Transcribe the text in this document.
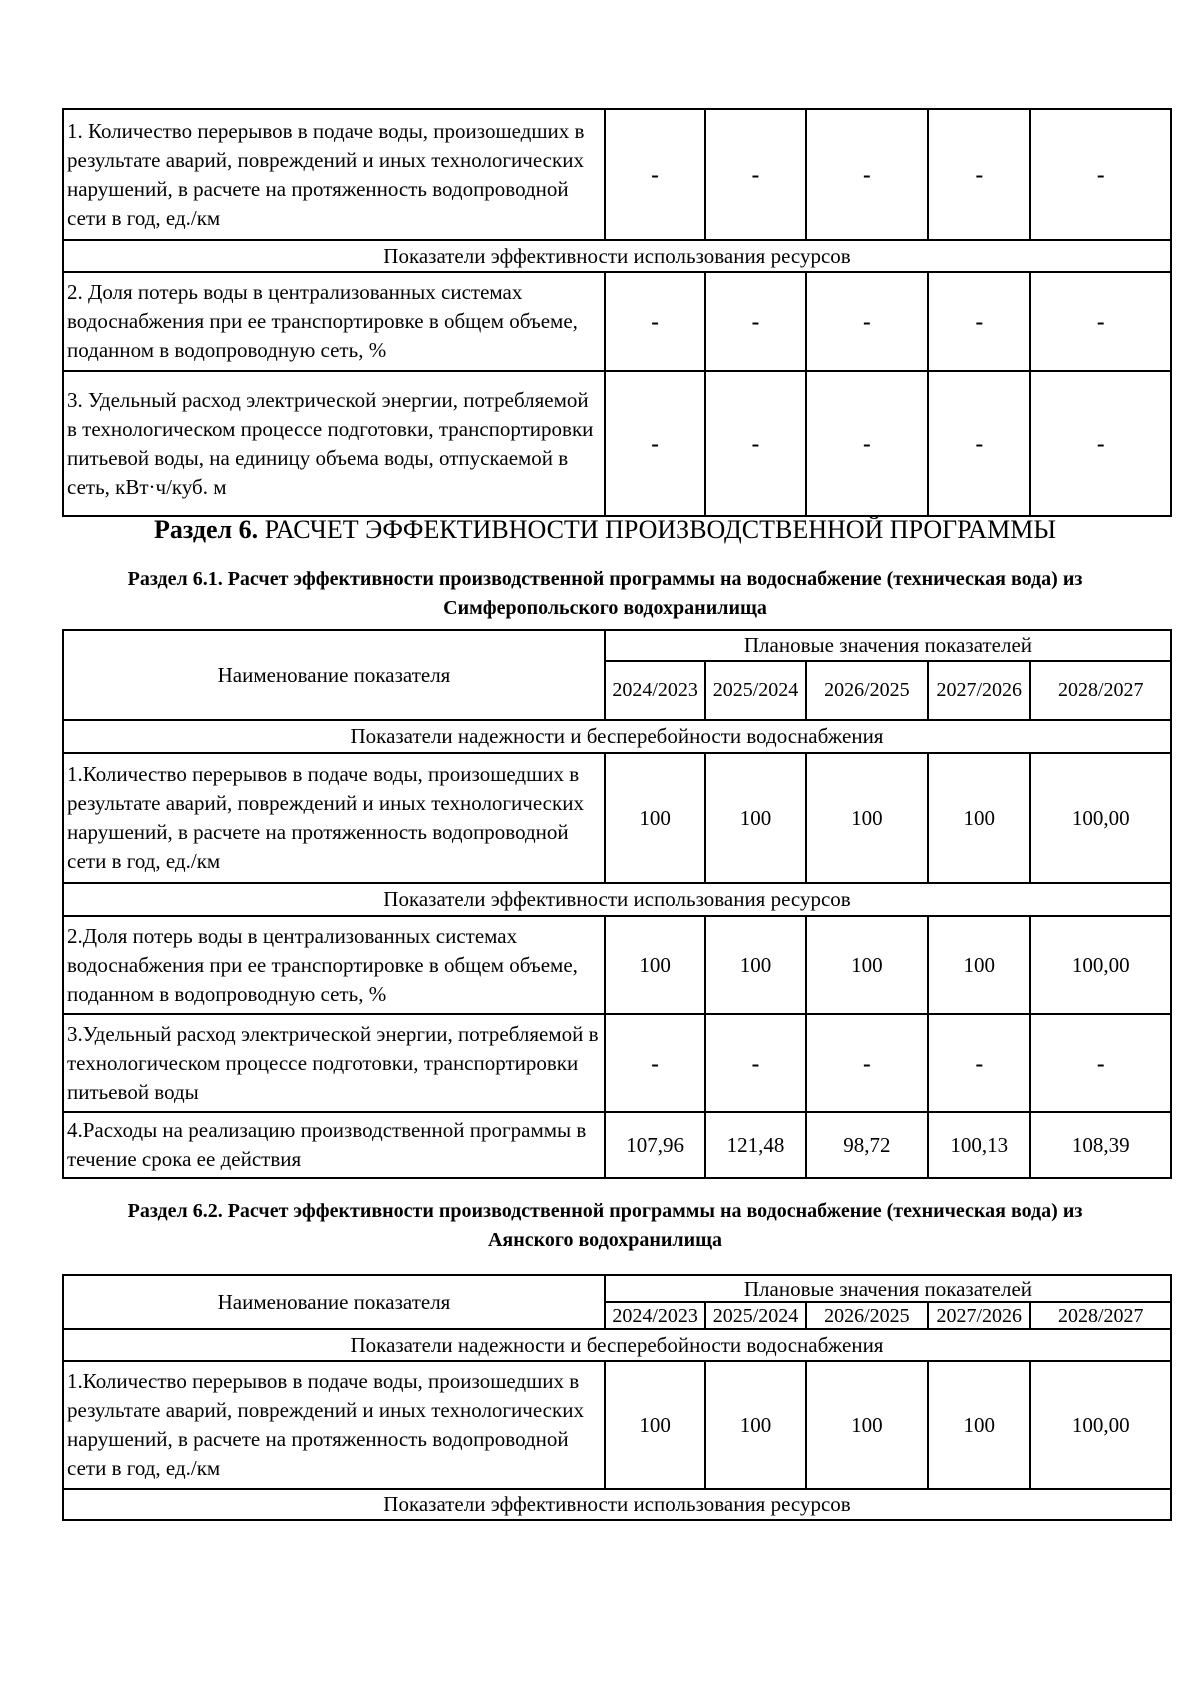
1. Количество перерывов в подаче воды, произошедших в результате аварий, повреждений и иных технологических нарушений, в расчете на протяженность водопроводной сети в год, ед./км	-	-	-	-	-
Показатели эффективности использования ресурсов					
2. Доля потерь воды в централизованных системах водоснабжения при ее транспортировке в общем объеме, поданном в водопроводную сеть, %	-	-	-	-	-
3. Удельный расход электрической энергии, потребляемой в технологическом процессе подготовки, транспортировки питьевой воды, на единицу объема воды, отпускаемой в сеть, кВт·ч/куб. м	-	-	-	-	-
Раздел 6. РАСЧЕТ ЭФФЕКТИВНОСТИ ПРОИЗВОДСТВЕННОЙ ПРОГРАММЫ
Раздел 6.1. Расчет эффективности производственной программы на водоснабжение (техническая вода) из
Симферопольского водохранилища
Наименование показателя	Плановые значения показателей				
	2024/2023	2025/2024	2026/2025	2027/2026	2028/2027
Показатели надежности и бесперебойности водоснабжения					
1.Количество перерывов в подаче воды, произошедших в результате аварий, повреждений и иных технологических нарушений, в расчете на протяженность водопроводной сети в год, ед./км	100	100	100	100	100,00
Показатели эффективности использования ресурсов					
2.Доля потерь воды в централизованных системах водоснабжения при ее транспортировке в общем объеме, поданном в водопроводную сеть, %	100	100	100	100	100,00
3.Удельный расход электрической энергии, потребляемой в технологическом процессе подготовки, транспортировки питьевой воды	-	-	-	-	-
4.Расходы на реализацию производственной программы в течение срока ее действия	107,96	121,48	98,72	100,13	108,39
Раздел 6.2. Расчет эффективности производственной программы на водоснабжение (техническая вода) из
Аянского водохранилища
Наименование показателя	Плановые значения показателей				
	2024/2023	2025/2024	2026/2025	2027/2026	2028/2027
Показатели надежности и бесперебойности водоснабжения					
1.Количество перерывов в подаче воды, произошедших в результате аварий, повреждений и иных технологических нарушений, в расчете на протяженность водопроводной сети в год, ед./км	100	100	100	100	100,00
Показатели эффективности использования ресурсов					
